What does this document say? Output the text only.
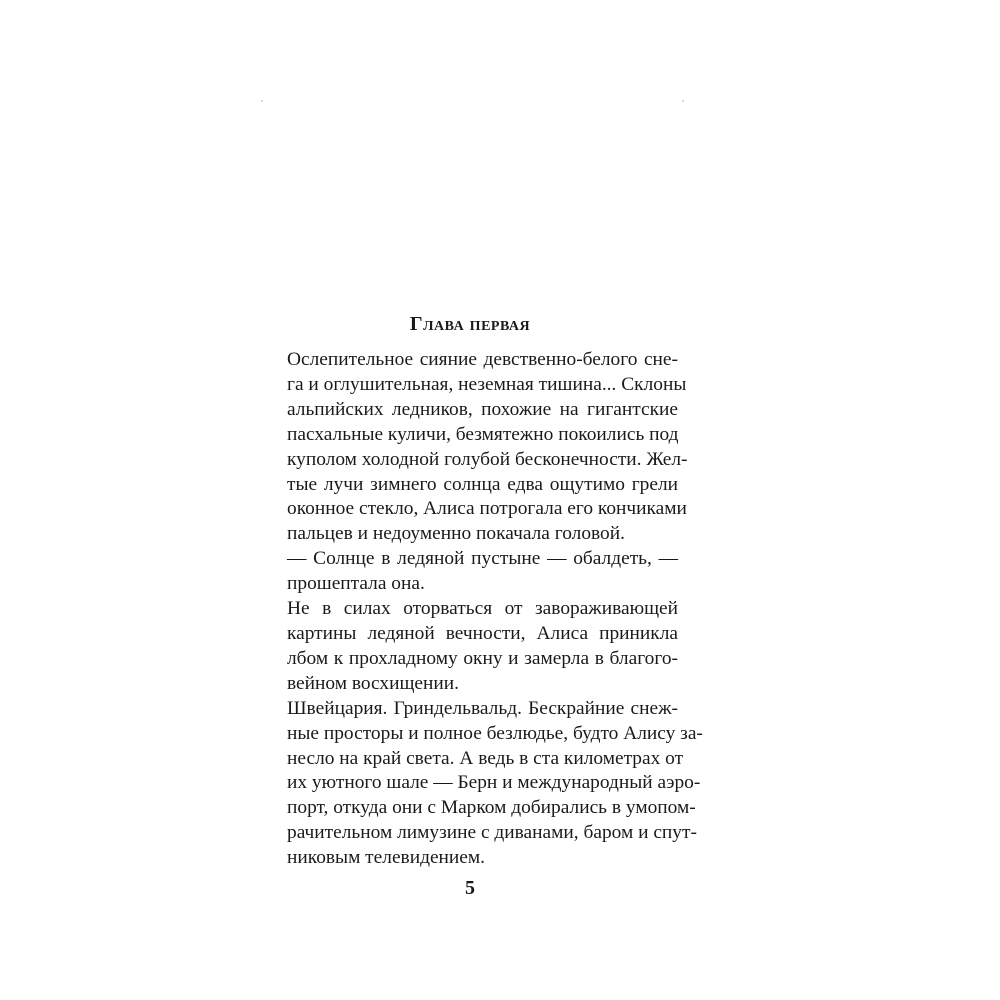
Глава первая

Ослепительное сияние девственно-белого сне-
га и оглушительная, неземная тишина... Склоны
альпийских ледников, похожие на гигантские
пасхальные куличи, безмятежно покоились под
куполом холодной голубой бесконечности. Жел-
тые лучи зимнего солнца едва ощутимо грели
оконное стекло, Алиса потрогала его кончиками
пальцев и недоуменно покачала головой.

— Солнце в ледяной пустыне — обалдеть, —
прошептала она.

Не в силах оторваться от завораживающей
картины ледяной вечности, Алиса приникла
лбом к прохладному окну и замерла в благого-
вейном восхищении.

Швейцария. Гриндельвальд. Бескрайние снеж-
ные просторы и полное безлюдье, будто Алису за-
несло на край света. А ведь в ста километрах от
их уютного шале — Берн и международный аэро-
порт, откуда они с Марком добирались в умопом-
рачительном лимузине с диванами, баром и спут-
никовым телевидением.

5
